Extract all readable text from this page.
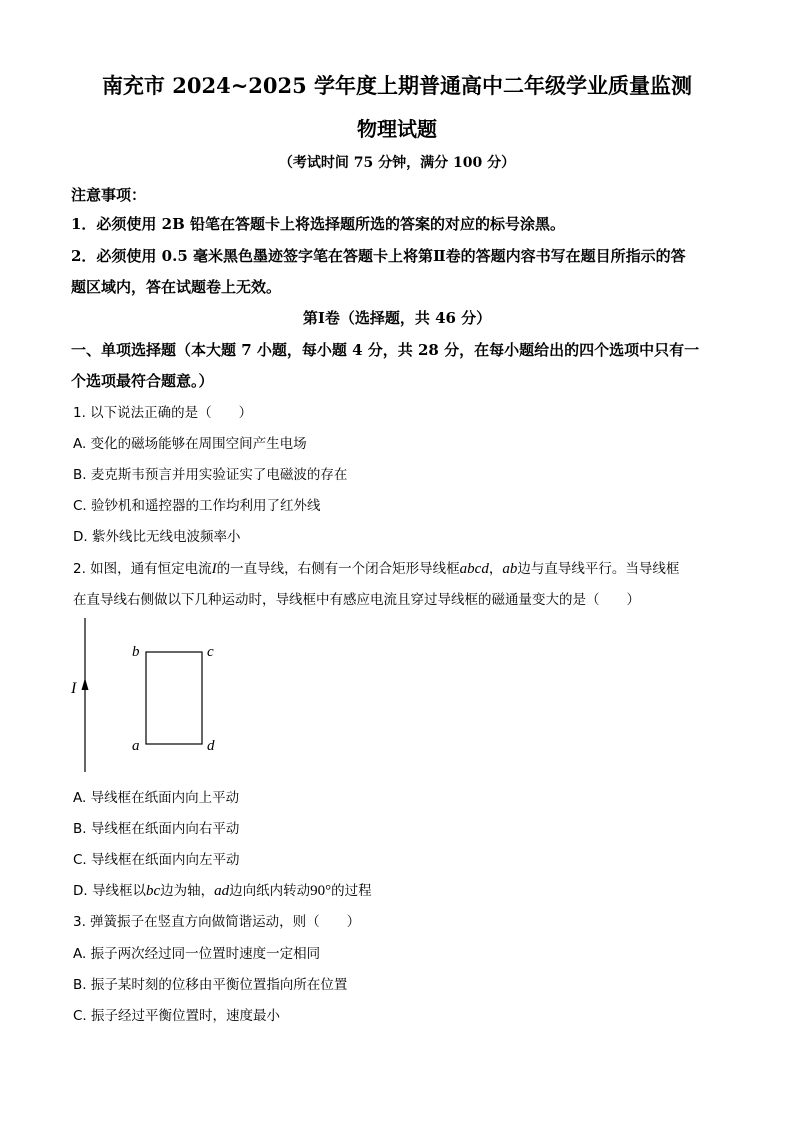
南充市 2024~2025 学年度上期普通高中二年级学业质量监测
物理试题
（考试时间 75 分钟，满分 100 分）
注意事项：
1．必须使用 2B 铅笔在答题卡上将选择题所选的答案的对应的标号涂黑。
2．必须使用 0.5 毫米黑色墨迹签字笔在答题卡上将第Ⅱ卷的答题内容书写在题目所指示的答
题区域内，答在试题卷上无效。
第Ⅰ卷（选择题，共 46 分）
一、单项选择题（本大题 7 小题，每小题 4 分，共 28 分，在每小题给出的四个选项中只有一
个选项最符合题意。）
1. 以下说法正确的是（　　）
A. 变化的磁场能够在周围空间产生电场
B. 麦克斯韦预言并用实验证实了电磁波的存在
C. 验钞机和遥控器的工作均利用了红外线
D. 紫外线比无线电波频率小
2. 如图，通有恒定电流I的一直导线，右侧有一个闭合矩形导线框abcd，ab边与直导线平行。当导线框
在直导线右侧做以下几种运动时，导线框中有感应电流且穿过导线框的磁通量变大的是（　　）
I
b	c
a	d
A. 导线框在纸面内向上平动
B. 导线框在纸面内向右平动
C. 导线框在纸面内向左平动
D. 导线框以bc边为轴，ad边向纸内转动90°的过程
3. 弹簧振子在竖直方向做简谐运动，则（　　）
A. 振子两次经过同一位置时速度一定相同
B. 振子某时刻的位移由平衡位置指向所在位置
C. 振子经过平衡位置时，速度最小
